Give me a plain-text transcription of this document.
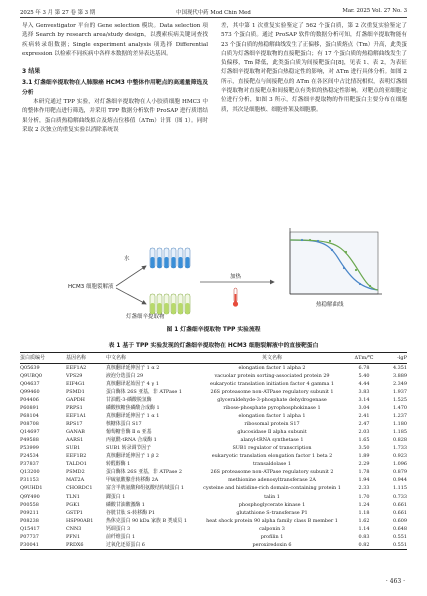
2025 年 3 月 第 27 卷 第 3 期	中国现代中药 Mod Chin Med	Mar. 2025 Vol. 27 No. 3

导入 Genvestigator 平台的 Gene selection 模块。Data selection 项选择 Search by research area/study design，以搜索疾病关键词查找疾病转录组数据；Single experiment analysis 项选择 Differential expression 以检索不同疾病中各样本数据的差异表达基因。

3 结果

3.1 灯盏细辛提取物在人肺腺癌 HCM3 中整体作用靶点的高通量筛选及分析

本研究通过 TPP 实验，对灯盏细辛提取物在人小胶质细胞 HMC3 中的整体作用靶点进行筛选，并采用 TPP 数据分析软件 ProSAP 进行质谱结果分析，蛋白质热稳解曲线拟合及熔点位移值（ΔTm）计算（图 1）。同时采取 2 次独立的重复实验以消除系统误

差，其中第 1 次重复实验鉴定了 562 个蛋白质，第 2 次重复实验鉴定了 573 个蛋白质。通过 ProSAP 软件的数据分析可知，灯盏细辛提取物能有 23 个蛋白质的热稳解曲线发生了正偏移，蛋白质熔点（Tm）升高，此类蛋白质为灯盏细辛提取物的直接靶蛋白；有 17 个蛋白质的热稳解曲线发生了负偏移，Tm 降低，此类蛋白质为间接靶蛋白[8]，见表 1、表 2，为表征灯盏细辛提取物对靶蛋白热稳定性的影响，对 ΔTm 进行具体分析。如图 2 所示，直接靶点与间接靶点的 ΔTm 在各区间中占比情况相似，表明灯盏细辛提取物对直接靶点和间接靶点有类似的热稳定性影响。对靶点的亚细胞定位进行分析，如图 3 所示，灯盏细辛提取物的作用靶蛋白主要分布在细胞质，其次是细胞核、细胞骨架及细胞膜。

HCM3 细胞裂解液
水
灯盏细辛提取物
加热
热稳解曲线
图 1 灯盏细辛提取物 TPP 实验流程
表 1 基于 TPP 实验发现的灯盏细辛提取物在 HCM3 细胞裂解液中的直接靶蛋白
蛋白质编号	基因名称	中文名称	英文名称	ΔTm/℃	-lgP
Q05639	EEF1A2	真核翻译延伸因子 1 α 2	elongation factor 1 alpha 2	6.78	4.351
Q9UBQ0	VPS29	液泡分选蛋白 29	vacuolar protein sorting-associated protein 29	5.40	3.889
Q04637	EIF4G1	真核翻译起始因子 4 γ 1	eukaryotic translation initiation factor 4 gamma 1	4.44	2.349
Q99460	PSMD1	蛋白酶体 26S 亚基，非 ATPase 1	26S proteasome non-ATPase regulatory subunit 1	3.83	1.937
P04406	GAPDH	甘油醛-3-磷酸脱氢酶	glyceraldehyde-3-phosphate dehydrogenase	3.14	1.525
P60891	PRPS1	磷酸核糖焦磷酸合成酶 1	ribose-phosphate pyrophosphokinase 1	3.04	1.470
P68104	EEF1A1	真核翻译延伸因子 1 α 1	elongation factor 1 alpha 1	2.41	1.237
P08708	RPS17	核糖体蛋白 S17	ribosomal protein S17	2.47	1.180
Q14697	GANAB	葡萄糖苷酶 Ⅱ α 亚基	glucosidase Ⅱ alpha subunit	2.03	1.185
P49588	AARS1	丙氨酰-tRNA 合成酶 1	alanyl-tRNA synthetase 1	1.65	0.828
P53999	SUB1	SUB1 转录调节因子	SUB1 regulator of transcription	3.50	1.733
P24534	EEF1B2	真核翻译延伸因子 1 β 2	eukaryotic translation elongation factor 1 beta 2	1.89	0.923
P37837	TALDO1	转醛醇酶 1	transaldolase 1	2.29	1.096
Q13200	PSMD2	蛋白酶体 26S 亚基，非 ATPase 2	26S proteasome non-ATPase regulatory subunit 2	1.78	0.879
P31153	MAT2A	甲硫氨酸腺苷转移酶 2A	methionine adenosyltransferase 2A	1.94	0.944
Q9UHD1	CHORDC1	富含半胱氨酸和组氨酸结构域蛋白 1	cysteine and histidine-rich domain-containing protein 1	2.33	1.115
Q9Y490	TLN1	踝蛋白 1	talin 1	1.70	0.733
P00558	PGK1	磷酸甘油酸激酶 1	phosphoglycerate kinase 1	1.24	0.661
P09211	GSTP1	谷胱甘肽 S-转移酶 P1	glutathione S-transferase P1	1.18	0.661
P08238	HSP90AB1	热休克蛋白 90 kDa 家族 B 类成员 1	heat shock protein 90 alpha family class B member 1	1.62	0.609
Q15417	CNN3	钙调蛋白 3	calponin 3	1.14	0.648
P07737	PFN1	前纤维蛋白 1	profilin 1	0.83	0.551
P30041	PRDX6	过氧化还原蛋白 6	peroxiredoxin 6	0.82	0.551
· 463 ·
